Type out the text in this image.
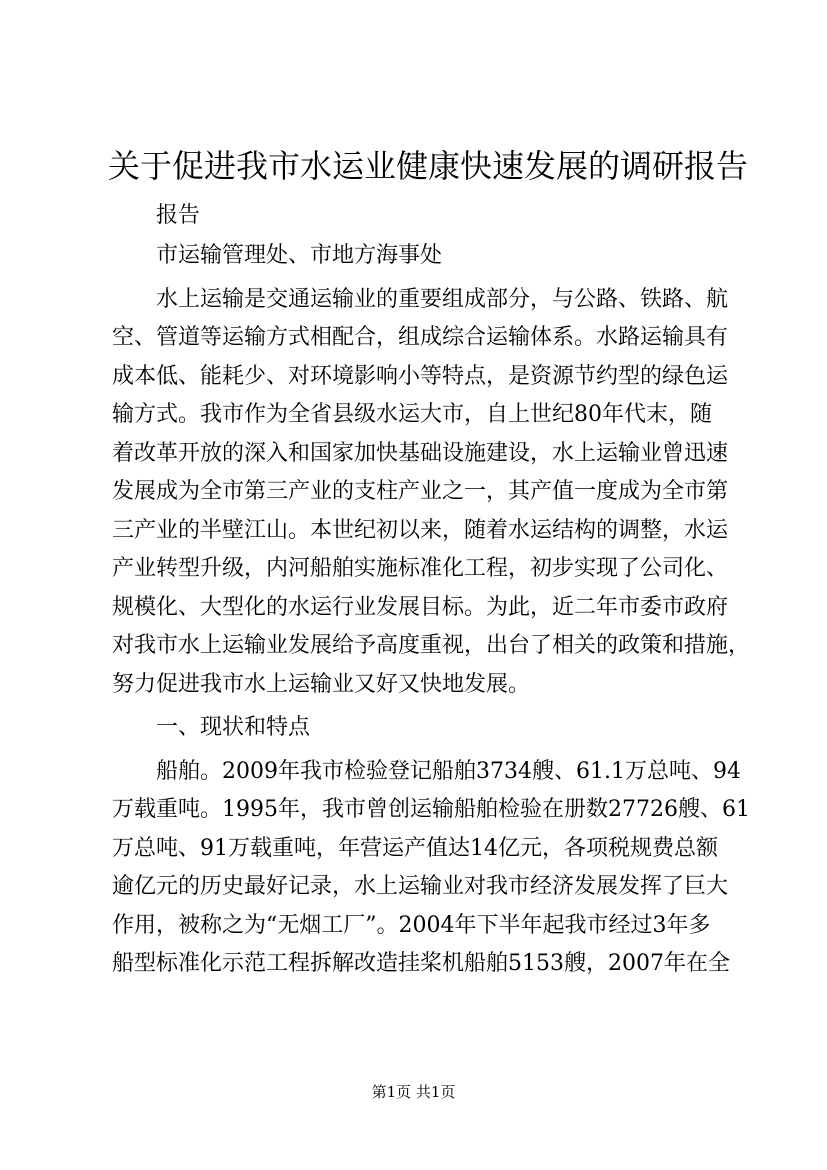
关于促进我市水运业健康快速发展的调研报告

报告

市运输管理处、市地方海事处

水上运输是交通运输业的重要组成部分，与公路、铁路、航

空、管道等运输方式相配合，组成综合运输体系。水路运输具有

成本低、能耗少、对环境影响小等特点，是资源节约型的绿色运

输方式。我市作为全省县级水运大市，自上世纪80年代末，随

着改革开放的深入和国家加快基础设施建设，水上运输业曾迅速

发展成为全市第三产业的支柱产业之一，其产值一度成为全市第

三产业的半壁江山。本世纪初以来，随着水运结构的调整，水运

产业转型升级，内河船舶实施标准化工程，初步实现了公司化、

规模化、大型化的水运行业发展目标。为此，近二年市委市政府

对我市水上运输业发展给予高度重视，出台了相关的政策和措施，

努力促进我市水上运输业又好又快地发展。

一、现状和特点

船舶。2009年我市检验登记船舶3734艘、61.1万总吨、94

万载重吨。1995年，我市曾创运输船舶检验在册数27726艘、61

万总吨、91万载重吨，年营运产值达14亿元，各项税规费总额

逾亿元的历史最好记录，水上运输业对我市经济发展发挥了巨大

作用，被称之为“无烟工厂”。2004年下半年起我市经过3年多

船型标准化示范工程拆解改造挂桨机船舶5153艘，2007年在全

第1页 共1页
